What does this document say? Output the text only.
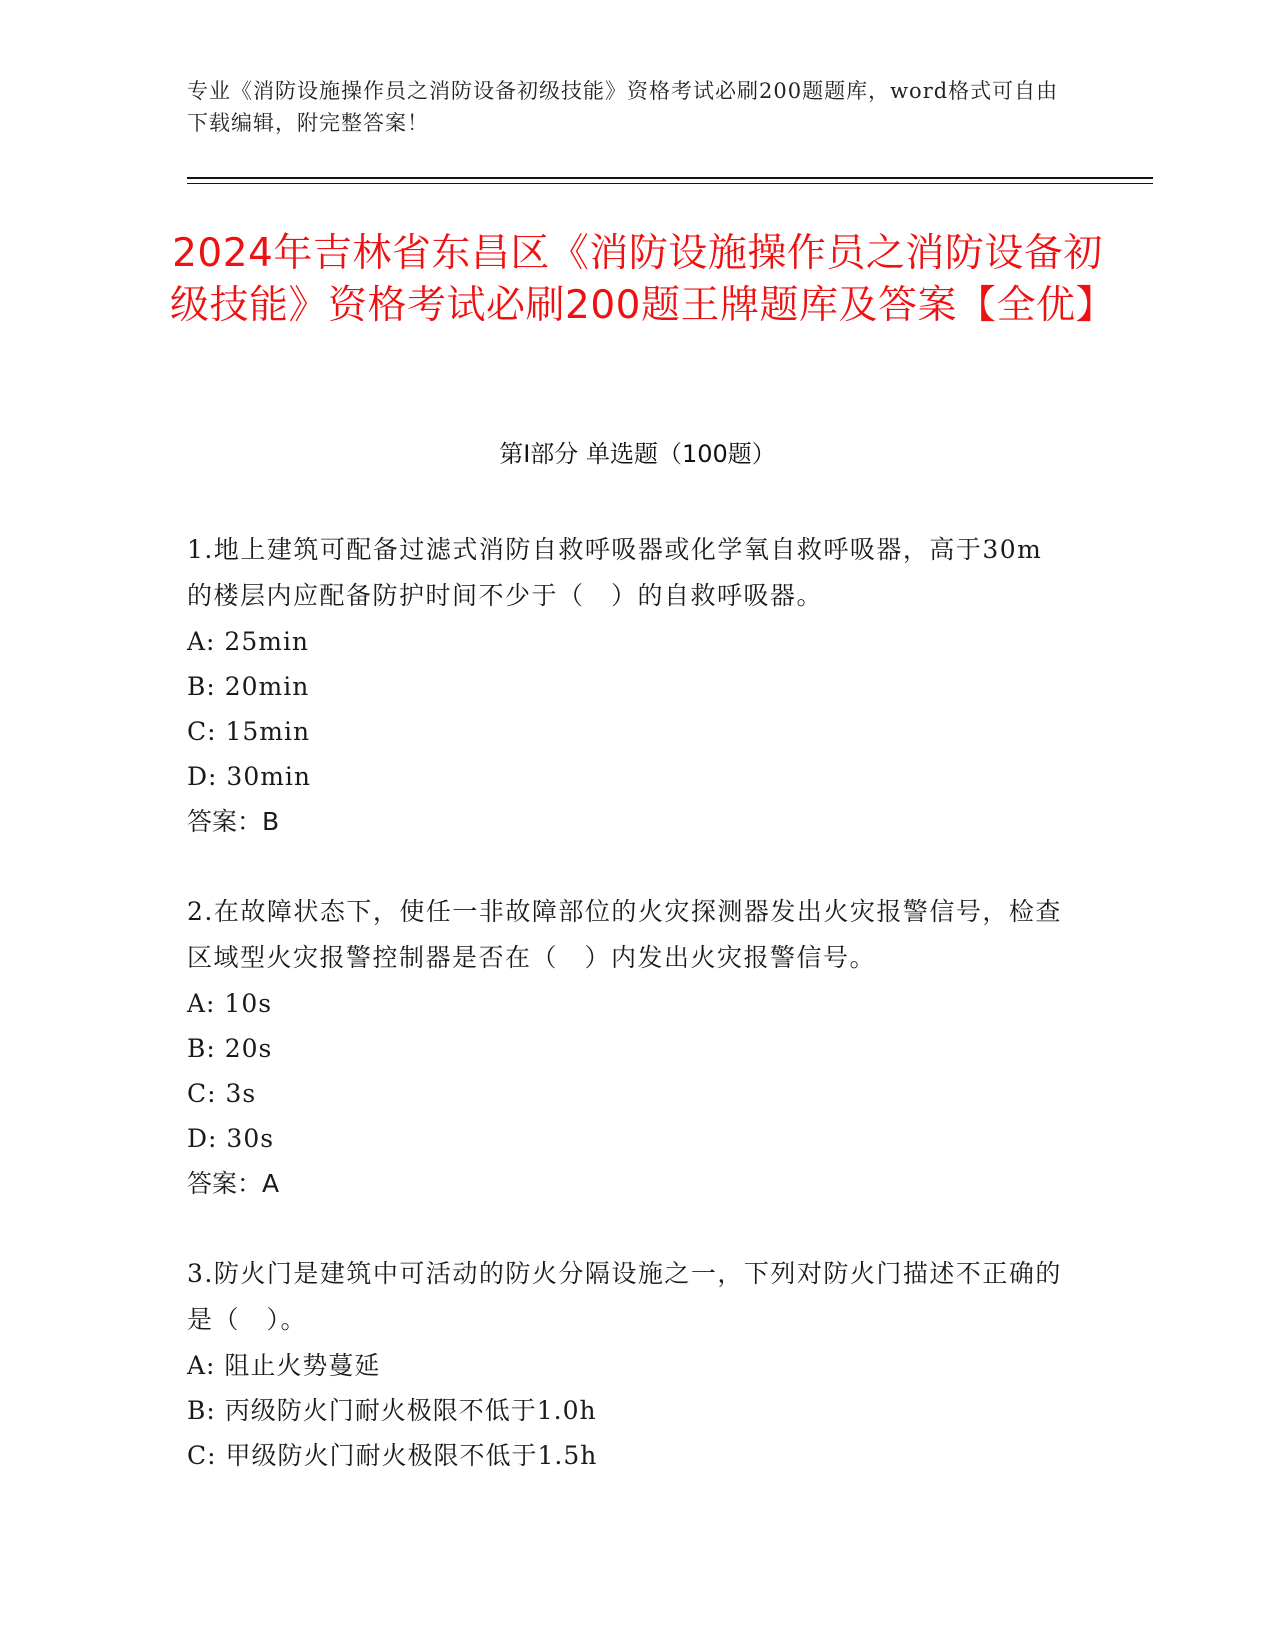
专业《消防设施操作员之消防设备初级技能》资格考试必刷200题题库，word格式可自由下载编辑，附完整答案！
2024年吉林省东昌区《消防设施操作员之消防设备初级技能》资格考试必刷200题王牌题库及答案【全优】
第Ⅰ部分 单选题（100题）

1.地上建筑可配备过滤式消防自救呼吸器或化学氧自救呼吸器，高于30m的楼层内应配备防护时间不少于（　）的自救呼吸器。

A: 25min

B: 20min

C: 15min

D: 30min

答案：B

2.在故障状态下，使任一非故障部位的火灾探测器发出火灾报警信号，检查区域型火灾报警控制器是否在（　）内发出火灾报警信号。

A: 10s

B: 20s

C: 3s

D: 30s

答案：A

3.防火门是建筑中可活动的防火分隔设施之一，下列对防火门描述不正确的是（　）。

A: 阻止火势蔓延

B: 丙级防火门耐火极限不低于1.0h

C: 甲级防火门耐火极限不低于1.5h
